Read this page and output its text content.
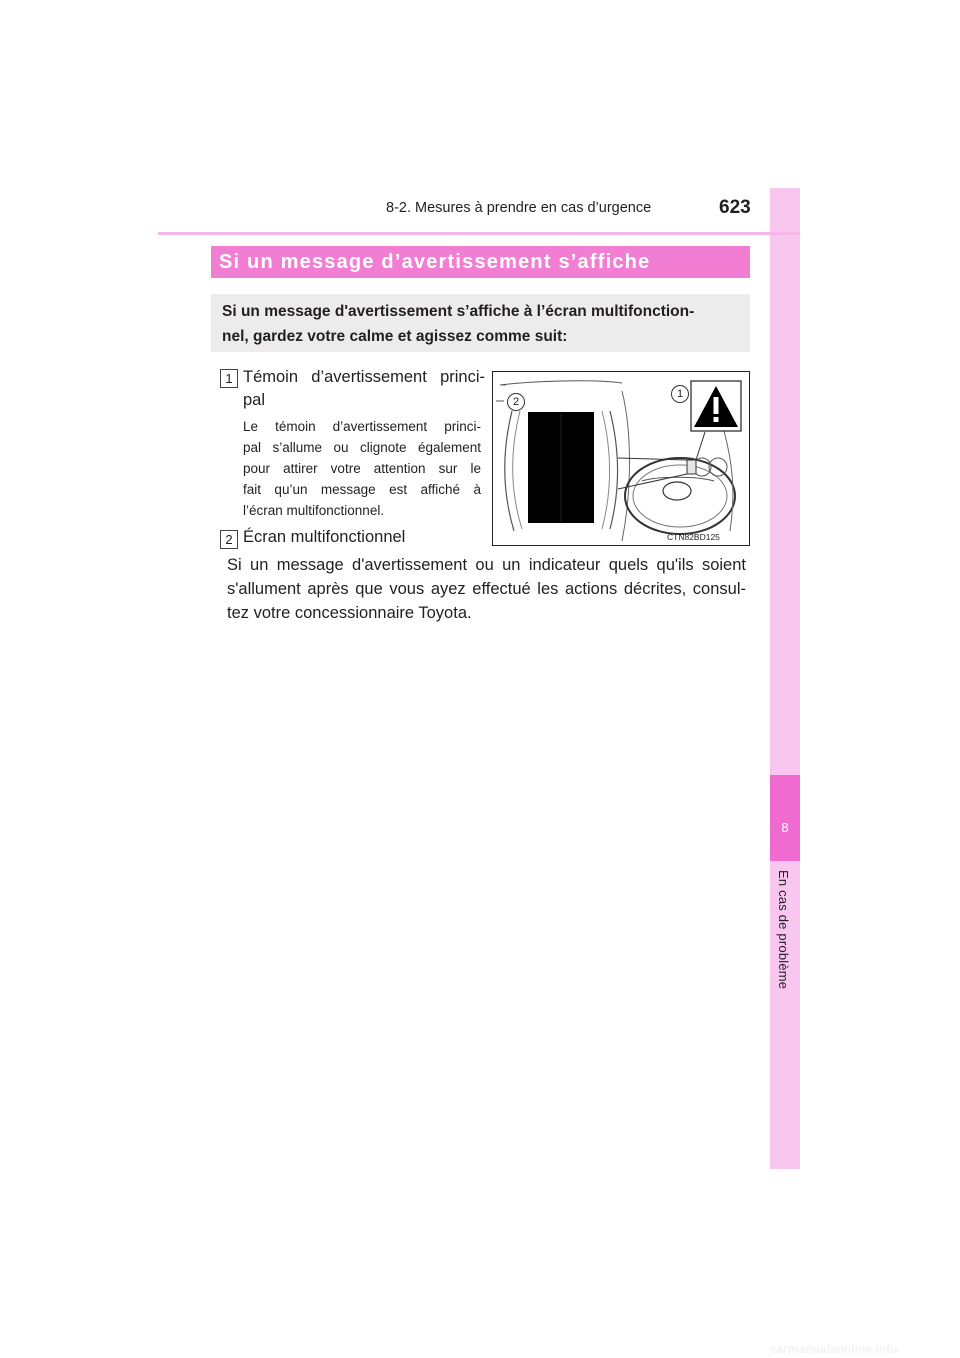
8
En cas de problème
8-2. Mesures à prendre en cas d’urgence	623
Si un message d’avertissement s’affiche
Si un message d'avertissement s’affiche à l’écran multifonction-
nel, gardez votre calme et agissez comme suit:
1 Témoin d’avertissement princi-
pal
Le témoin d’avertissement princi-
pal s’allume ou clignote également
pour attirer votre attention sur le
fait qu’un message est affiché à
l’écran multifonctionnel.
2 Écran multifonctionnel
Si un message d'avertissement ou un indicateur quels qu'ils soient
s'allument après que vous ayez effectué les actions décrites, consul-
tez votre concessionnaire Toyota.
2
1
CTN82BD125
carmanualsonline.info
